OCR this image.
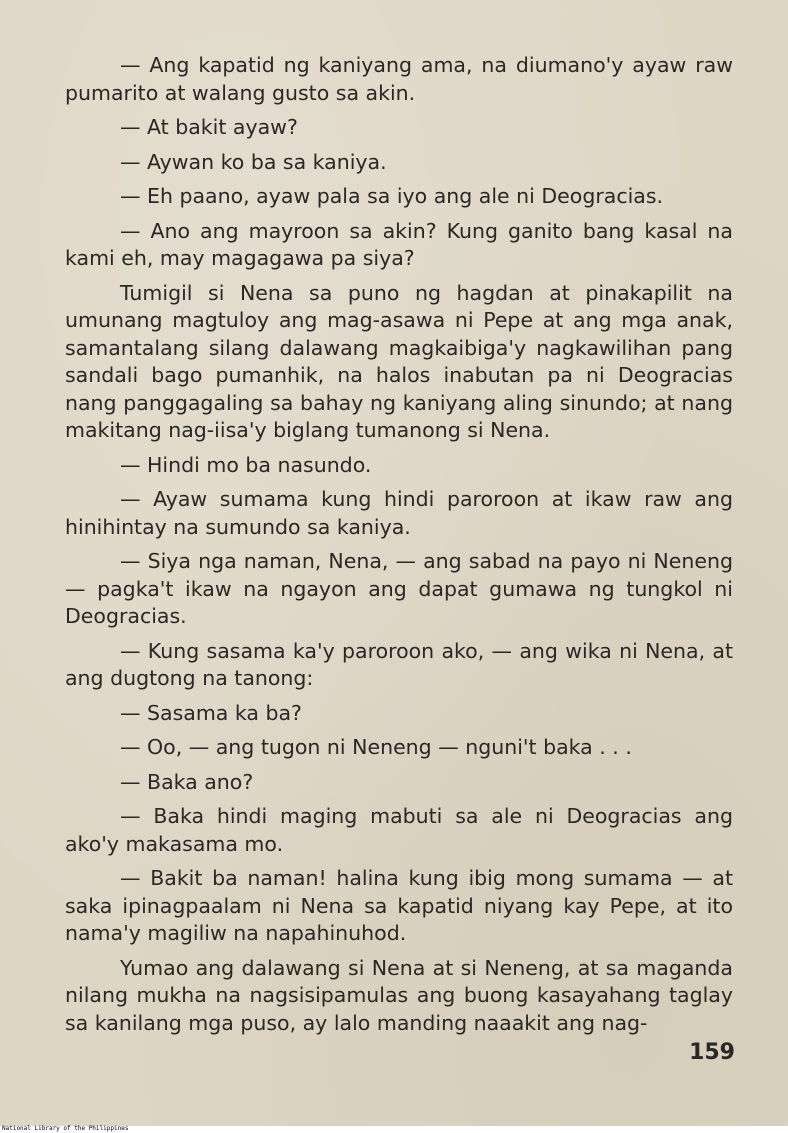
— Ang kapatid ng kaniyang ama, na diumano'y ayaw raw pumarito at walang gusto sa akin.

— At bakit ayaw?

— Aywan ko ba sa kaniya.

— Eh paano, ayaw pala sa iyo ang ale ni Deogracias.

— Ano ang mayroon sa akin? Kung ganito bang kasal na kami eh, may magagawa pa siya?

Tumigil si Nena sa puno ng hagdan at pinakapilit na umunang magtuloy ang mag-asawa ni Pepe at ang mga anak, samantalang silang dalawang magkaibiga'y nagkawilihan pang sandali bago pumanhik, na halos inabutan pa ni Deogracias nang panggagaling sa bahay ng kaniyang aling sinundo; at nang makitang nag-iisa'y biglang tumanong si Nena.

— Hindi mo ba nasundo.

— Ayaw sumama kung hindi paroroon at ikaw raw ang hinihintay na sumundo sa kaniya.

— Siya nga naman, Nena, — ang sabad na payo ni Neneng — pagka't ikaw na ngayon ang dapat gumawa ng tungkol ni Deogracias.

— Kung sasama ka'y paroroon ako, — ang wika ni Nena, at ang dugtong na tanong:

— Sasama ka ba?

— Oo, — ang tugon ni Neneng — nguni't baka . . .

— Baka ano?

— Baka hindi maging mabuti sa ale ni Deogracias ang ako'y makasama mo.

— Bakit ba naman! halina kung ibig mong sumama — at saka ipinagpaalam ni Nena sa kapatid niyang kay Pepe, at ito nama'y magiliw na napahinuhod.

Yumao ang dalawang si Nena at si Neneng, at sa maganda nilang mukha na nagsisipamulas ang buong kasayahang taglay sa kanilang mga puso, ay lalo manding naaakit ang nag-

159
National Library of the Philippines
